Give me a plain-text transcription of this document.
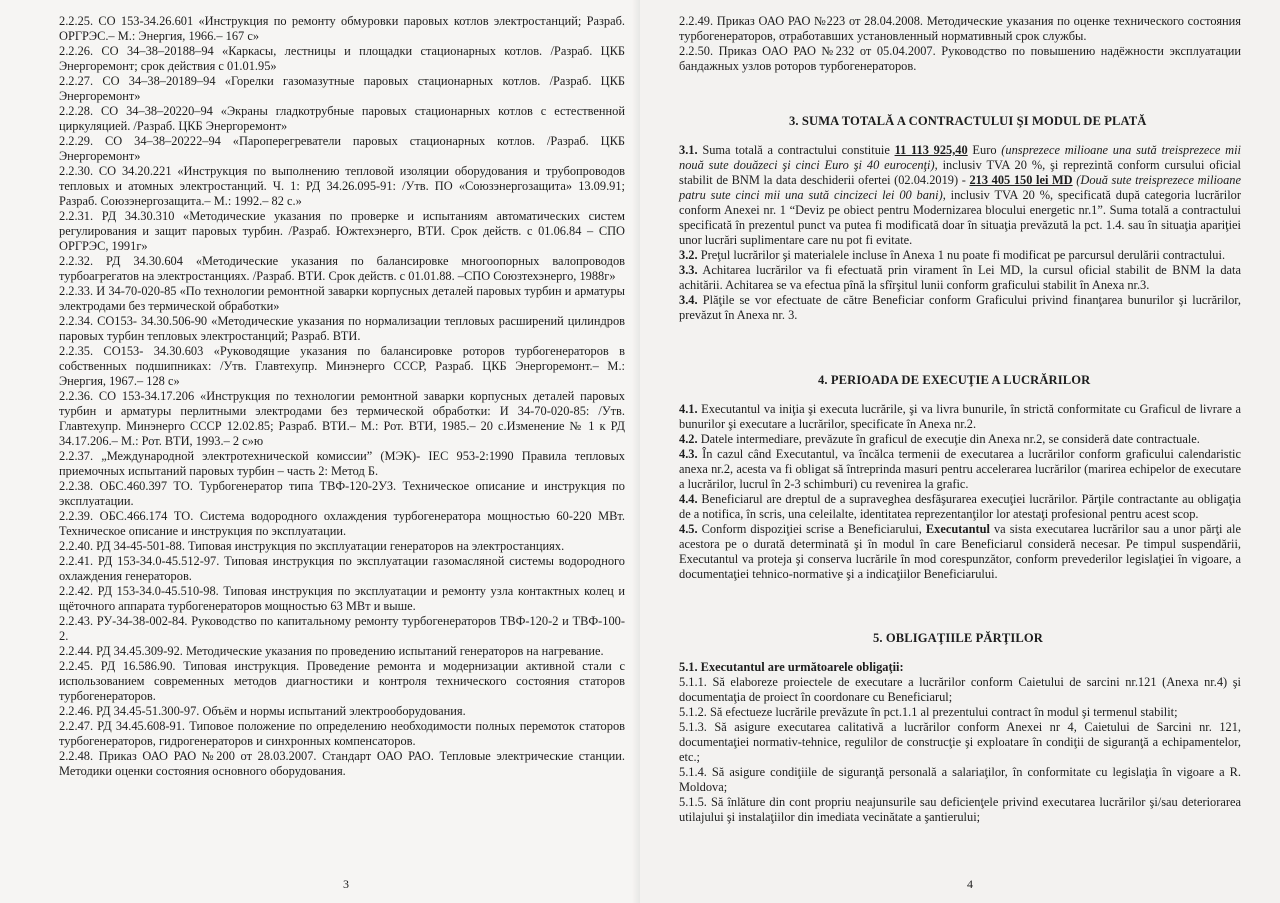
2.2.25. СО 153-34.26.601 «Инструкция по ремонту обмуровки паровых котлов электростанций; Разраб. ОРГРЭС.– М.: Энергия, 1966.– 167 с»

2.2.26. СО 34–38–20188–94 «Каркасы, лестницы и площадки стационарных котлов. /Разраб. ЦКБ Энергоремонт; срок действия с 01.01.95»

2.2.27. СО 34–38–20189–94 «Горелки газомазутные паровых стационарных котлов. /Разраб. ЦКБ Энергоремонт»

2.2.28. СО 34–38–20220–94 «Экраны гладкотрубные паровых стационарных котлов с естественной циркуляцией. /Разраб. ЦКБ Энергоремонт»

2.2.29. СО 34–38–20222–94 «Пароперегреватели паровых стационарных котлов. /Разраб. ЦКБ Энергоремонт»

2.2.30. СО 34.20.221 «Инструкция по выполнению тепловой изоляции оборудования и трубопроводов тепловых и атомных электростанций. Ч. 1: РД 34.26.095-91: /Утв. ПО «Союзэнергозащита» 13.09.91; Разраб. Союзэнергозащита.– М.: 1992.– 82 с.»

2.2.31. РД 34.30.310 «Методические указания по проверке и испытаниям автоматических систем регулирования и защит паровых турбин. /Разраб. Южтехэнерго, ВТИ. Срок действ. с 01.06.84 – СПО ОРГРЭС, 1991г»

2.2.32. РД 34.30.604 «Методические указания по балансировке многоопорных валопроводов турбоагрегатов на электростанциях. /Разраб. ВТИ. Срок действ. с 01.01.88. –СПО Союзтехэнерго, 1988г»

2.2.33. И 34-70-020-85 «По технологии ремонтной заварки корпусных деталей паровых турбин и арматуры электродами без термической обработки»

2.2.34. СО153- 34.30.506-90 «Методические указания по нормализации тепловых расширений цилиндров паровых турбин тепловых электростанций; Разраб. ВТИ.

2.2.35. СО153- 34.30.603 «Руководящие указания по балансировке роторов турбогенераторов в собственных подшипниках: /Утв. Главтехупр. Минэнерго СССР, Разраб. ЦКБ Энергоремонт.– М.: Энергия, 1967.– 128 с»

2.2.36. СО 153-34.17.206 «Инструкция по технологии ремонтной заварки корпусных деталей паровых турбин и арматуры перлитными электродами без термической обработки: И 34-70-020-85: /Утв. Главтехупр. Минэнерго СССР 12.02.85; Разраб. ВТИ.– М.: Рот. ВТИ, 1985.– 20 с.Изменение № 1 к РД 34.17.206.– М.: Рот. ВТИ, 1993.– 2 с»ю

2.2.37. „Международной электротехнической комиссии” (МЭК)- IEC 953-2:1990 Правила тепловых приемочных испытаний паровых турбин – часть 2: Метод Б.

2.2.38. ОБС.460.397 ТО. Турбогенератор типа ТВФ-120-2УЗ. Техническое описание и инструкция по эксплуатации.

2.2.39. ОБС.466.174 ТО. Система водородного охлаждения турбогенератора мощностью 60-220 МВт. Техническое описание и инструкция по эксплуатации.

2.2.40. РД 34-45-501-88. Типовая инструкция по эксплуатации генераторов на электростанциях.

2.2.41. РД 153-34.0-45.512-97. Типовая инструкция по эксплуатации газомасляной системы водородного охлаждения генераторов.

2.2.42. РД 153-34.0-45.510-98. Типовая инструкция по эксплуатации и ремонту узла контактных колец и щёточного аппарата турбогенераторов мощностью 63 МВт и выше.

2.2.43. РУ-34-38-002-84. Руководство по капитальному ремонту турбогенераторов ТВФ-120-2 и ТВФ-100-2.

2.2.44. РД 34.45.309-92. Методические указания по проведению испытаний генераторов на нагревание.

2.2.45. РД 16.586.90. Типовая инструкция. Проведение ремонта и модернизации активной стали с использованием современных методов диагностики и контроля технического состояния статоров турбогенераторов.

2.2.46. РД 34.45-51.300-97. Объём и нормы испытаний электрооборудования.

2.2.47. РД 34.45.608-91. Типовое положение по определению необходимости полных перемоток статоров турбогенераторов, гидрогенераторов и синхронных компенсаторов.

2.2.48. Приказ ОАО РАО №200 от 28.03.2007. Стандарт ОАО РАО. Тепловые электрические станции. Методики оценки состояния основного оборудования.

3	4

2.2.49. Приказ ОАО РАО №223 от 28.04.2008. Методические указания по оценке технического состояния турбогенераторов, отработавших установленный нормативный срок службы.

2.2.50. Приказ ОАО РАО №232 от 05.04.2007. Руководство по повышению надёжности эксплуатации бандажных узлов роторов турбогенераторов.

3. SUMA TOTALĂ A CONTRACTULUI ŞI MODUL DE PLATĂ

3.1. Suma totală a contractului constituie 11 113 925,40 Euro (unsprezece milioane una sută treisprezece mii nouă sute douăzeci şi cinci Euro şi 40 eurocenţi), inclusiv TVA 20 %, şi reprezintă conform cursului oficial stabilit de BNM la data deschiderii ofertei (02.04.2019) - 213 405 150 lei MD (Două sute treisprezece milioane patru sute cinci mii una sută cincizeci lei 00 bani), inclusiv TVA 20 %, specificată după categoria lucrărilor conform Anexei nr. 1 “Deviz pe obiect pentru Modernizarea blocului energetic nr.1”. Suma totală a contractului specificată în prezentul punct va putea fi modificată doar în situaţia prevăzută la pct. 1.4. sau în situaţia apariţiei unor lucrări suplimentare care nu pot fi evitate.

3.2. Preţul lucrărilor şi materialele incluse în Anexa 1 nu poate fi modificat pe parcursul derulării contractului.

3.3. Achitarea lucrărilor va fi efectuată prin virament în Lei MD, la cursul oficial stabilit de BNM la data achitării. Achitarea se va efectua pînă la sfîrşitul lunii conform graficului stabilit în Anexa nr.3.

3.4. Plăţile se vor efectuate de către Beneficiar conform Graficului privind finanţarea bunurilor şi lucrărilor, prevăzut în Anexa nr. 3.

4. PERIOADA DE EXECUŢIE A LUCRĂRILOR

4.1. Executantul va iniţia şi executa lucrările, şi va livra bunurile, în strictă conformitate cu Graficul de livrare a bunurilor şi executare a lucrărilor, specificate în Anexa nr.2.

4.2. Datele intermediare, prevăzute în graficul de execuţie din Anexa nr.2, se consideră date contractuale.

4.3. În cazul când Executantul, va încălca termenii de executarea a lucrărilor conform graficului calendaristic anexa nr.2, acesta va fi obligat să întreprinda masuri pentru accelerarea lucrărilor (marirea echipelor de executare a lucrărilor, lucrul în 2-3 schimburi) cu revenirea la grafic.

4.4. Beneficiarul are dreptul de a supraveghea desfăşurarea execuţiei lucrărilor. Părţile contractante au obligaţia de a notifica, în scris, una celeilalte, identitatea reprezentanţilor lor atestaţi profesional pentru acest scop.

4.5. Conform dispoziţiei scrise a Beneficiarului, Executantul va sista executarea lucrărilor sau a unor părţi ale acestora pe o durată determinată şi în modul în care Beneficiarul consideră necesar. Pe timpul suspendării, Executantul va proteja şi conserva lucrările în mod corespunzător, conform prevederilor legislaţiei în vigoare, a documentaţiei tehnico-normative şi a indicaţiilor Beneficiarului.

5. OBLIGAŢIILE PĂRŢILOR

5.1. Executantul are următoarele obligaţii:

5.1.1. Să elaboreze proiectele de executare a lucrărilor conform Caietului de sarcini nr.121 (Anexa nr.4) şi documentaţia de proiect în coordonare cu Beneficiarul;

5.1.2. Să efectueze lucrările prevăzute în pct.1.1 al prezentului contract în modul şi termenul stabilit;

5.1.3. Să asigure executarea calitativă a lucrărilor conform Anexei nr 4, Caietului de Sarcini nr. 121, documentaţiei normativ-tehnice, regulilor de construcţie şi exploatare în condiţii de siguranţă a echipamentelor, etc.;

5.1.4. Să asigure condiţiile de siguranţă personală a salariaţilor, în conformitate cu legislaţia în vigoare a R. Moldova;

5.1.5. Să înlăture din cont propriu neajunsurile sau deficienţele privind executarea lucrărilor şi/sau deteriorarea utilajului şi instalaţiilor din imediata vecinătate a şantierului;
